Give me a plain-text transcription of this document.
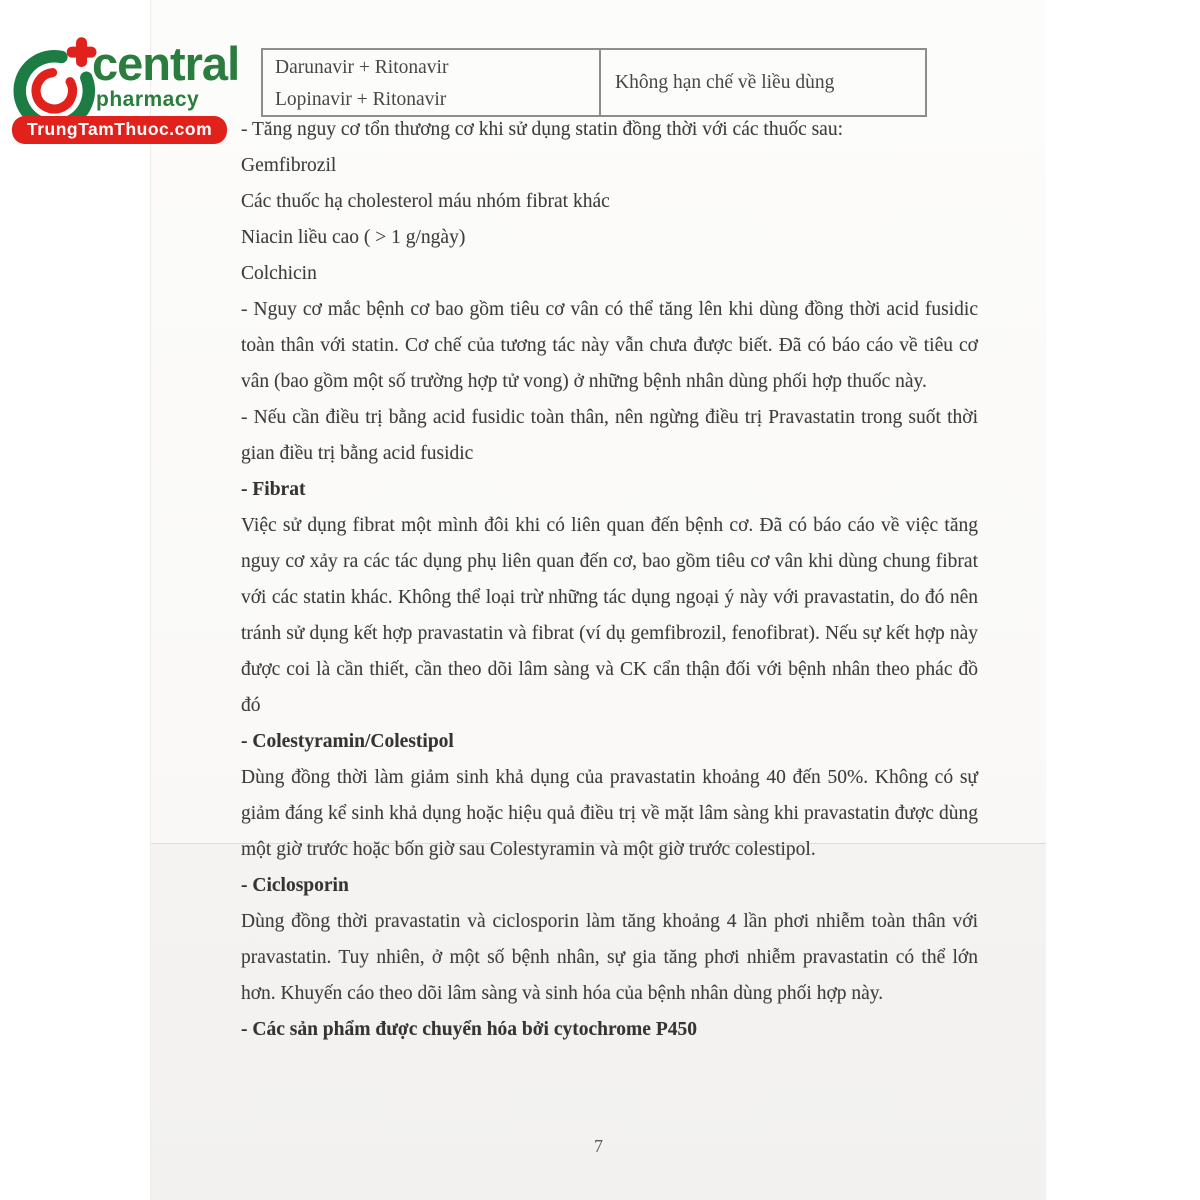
Darunavir + Ritonavir
Lopinavir + Ritonavir
Không hạn chế về liều dùng

- Tăng nguy cơ tổn thương cơ khi sử dụng statin đồng thời với các thuốc sau:

Gemfibrozil

Các thuốc hạ cholesterol máu nhóm fibrat khác

Niacin liều cao ( > 1 g/ngày)

Colchicin

- Nguy cơ mắc bệnh cơ bao gồm tiêu cơ vân có thể tăng lên khi dùng đồng thời acid fusidic toàn thân với statin. Cơ chế của tương tác này vẫn chưa được biết. Đã có báo cáo về tiêu cơ vân (bao gồm một số trường hợp tử vong) ở những bệnh nhân dùng phối hợp thuốc này.

- Nếu cần điều trị bằng acid fusidic toàn thân, nên ngừng điều trị Pravastatin trong suốt thời gian điều trị bằng acid fusidic

- Fibrat

Việc sử dụng fibrat một mình đôi khi có liên quan đến bệnh cơ. Đã có báo cáo về việc tăng nguy cơ xảy ra các tác dụng phụ liên quan đến cơ, bao gồm tiêu cơ vân khi dùng chung fibrat với các statin khác. Không thể loại trừ những tác dụng ngoại ý này với pravastatin, do đó nên tránh sử dụng kết hợp pravastatin và fibrat (ví dụ gemfibrozil, fenofibrat). Nếu sự kết hợp này được coi là cần thiết, cần theo dõi lâm sàng và CK cẩn thận đối với bệnh nhân theo phác đồ đó

- Colestyramin/Colestipol

Dùng đồng thời làm giảm sinh khả dụng của pravastatin khoảng 40 đến 50%. Không có sự giảm đáng kể sinh khả dụng hoặc hiệu quả điều trị về mặt lâm sàng khi pravastatin được dùng một giờ trước hoặc bốn giờ sau Colestyramin và một giờ trước colestipol.

- Ciclosporin

Dùng đồng thời pravastatin và ciclosporin làm tăng khoảng 4 lần phơi nhiễm toàn thân với pravastatin. Tuy nhiên, ở một số bệnh nhân, sự gia tăng phơi nhiễm pravastatin có thể lớn hơn. Khuyến cáo theo dõi lâm sàng và sinh hóa của bệnh nhân dùng phối hợp này.

- Các sản phẩm được chuyển hóa bởi cytochrome P450

7
central
pharmacy
TrungTamThuoc.com
